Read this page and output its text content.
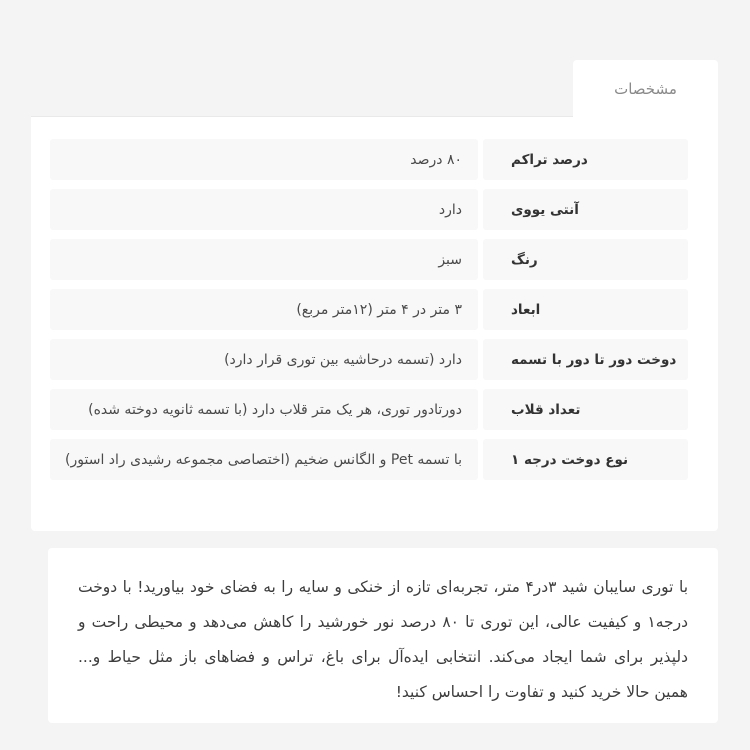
مشخصات
درصد تراکم
۸۰ درصد
آنتی یووی
دارد
رنگ
سبز
ابعاد
۳ متر در ۴ متر (۱۲متر مربع)
دوخت دور تا دور با تسمه
دارد (تسمه درحاشیه بین توری قرار دارد)
تعداد قلاب
دورتادور توری، هر یک متر قلاب دارد (با تسمه ثانویه دوخته شده)
نوع دوخت درجه ۱
با تسمه Pet و الگانس ضخیم (اختصاصی مجموعه رشیدی راد استور)

با توری سایبان شید ۳در۴ متر، تجربه‌ای تازه از خنکی و سایه را به فضای خود بیاورید! با دوخت درجه۱ و کیفیت عالی، این توری تا ۸۰ درصد نور خورشید را کاهش می‌دهد و محیطی راحت و دلپذیر برای شما ایجاد می‌کند. انتخابی ایده‌آل برای باغ، تراس و فضاهای باز مثل حیاط و... همین حالا خرید کنید و تفاوت را احساس کنید!
